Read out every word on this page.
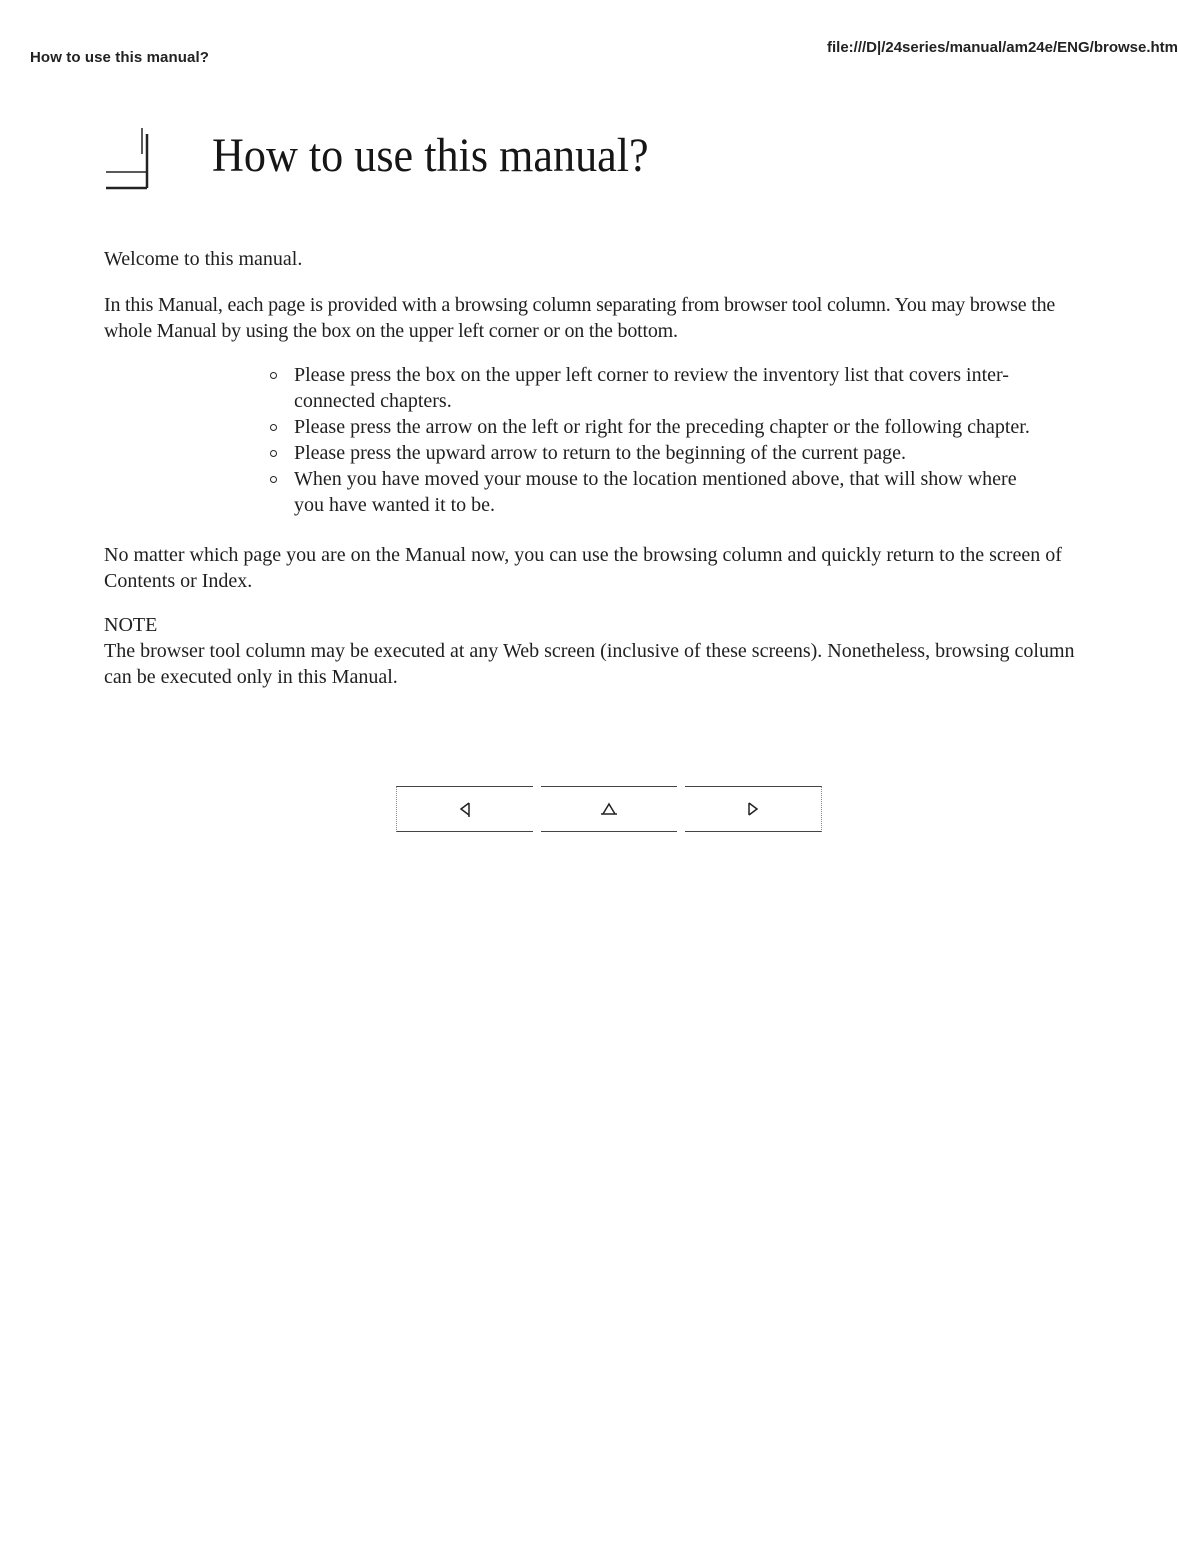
How to use this manual?
file:///D|/24series/manual/am24e/ENG/browse.htm
How to use this manual?

Welcome to this manual.

In this Manual, each page is provided with a browsing column separating from browser tool column. You may browse the whole Manual by using the box on the upper left corner or on the bottom.

Please press the box on the upper left corner to review the inventory list that covers inter-connected chapters.
Please press the arrow on the left or right for the preceding chapter or the following chapter.
Please press the upward arrow to return to the beginning of the current page.
When you have moved your mouse to the location mentioned above, that will show where you have wanted it to be.

No matter which page you are on the Manual now, you can use the browsing column and quickly return to the screen of Contents or Index.

NOTE

The browser tool column may be executed at any Web screen (inclusive of these screens). Nonetheless, browsing column can be executed only in this Manual.
